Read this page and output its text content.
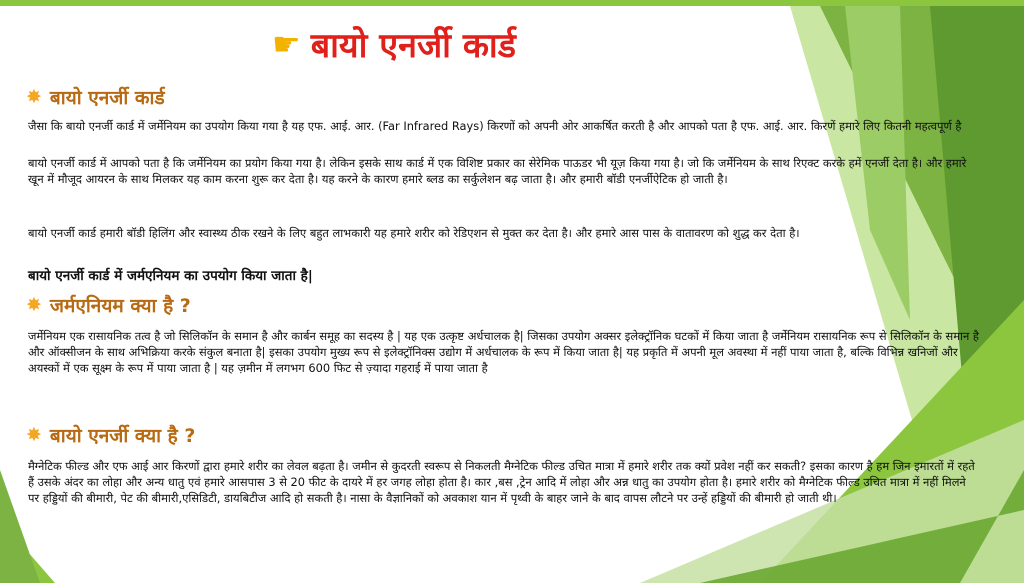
☛ बायो एनर्जी कार्ड
✸ बायो एनर्जी कार्ड

जैसा कि बायो एनर्जी कार्ड में जर्मेनियम का उपयोग किया गया है यह एफ. आई. आर. (Far Infrared Rays) किरणों को अपनी ओर आकर्षित करती है और आपको पता है एफ. आई. आर. किरणें हमारे लिए कितनी महत्वपूर्ण है

बायो एनर्जी कार्ड में आपको पता है कि जर्मेनियम का प्रयोग किया गया है। लेकिन इसके साथ कार्ड में एक विशिष्ट प्रकार का सेरेमिक पाऊडर भी यूज़ किया गया है। जो कि जर्मेनियम के साथ रिएक्ट करके हमें एनर्जी देता है। और हमारे खून में मौजूद आयरन के साथ मिलकर यह काम करना शुरू कर देता है। यह करने के कारण हमारे ब्लड का सर्कुलेशन बढ़ जाता है। और हमारी बॉडी एनर्जीऐटिक हो जाती है।

बायो एनर्जी कार्ड हमारी बॉडी हिलिंग और स्वास्थ्य ठीक रखने के लिए बहुत लाभकारी यह हमारे शरीर को रेडिएशन से मुक्त कर देता है। और हमारे आस पास के वातावरण को शुद्ध कर देता है।

बायो एनर्जी कार्ड में जर्मएनियम का उपयोग किया जाता है|

✸ जर्मएनियम क्या है ?

जर्मेनियम एक रासायनिक तत्व है जो सिलिकॉन के समान है और कार्बन समूह का सदस्य है | यह एक उत्कृष्ट अर्धचालक है| जिसका उपयोग अक्सर इलेक्ट्रॉनिक घटकों में किया जाता है जर्मेनियम रासायनिक रूप से सिलिकॉन के समान है और ऑक्सीजन के साथ अभिक्रिया करके संकुल बनाता है| इसका उपयोग मुख्य रूप से इलेक्ट्रॉनिक्स उद्योग में अर्धचालक के रूप में किया जाता है| यह प्रकृति में अपनी मूल अवस्था में नहीं पाया जाता है, बल्कि विभिन्न खनिजों और अयस्कों में एक सूक्ष्म के रूप में पाया जाता है | यह ज़मीन में लगभग 600 फिट से ज़्यादा गहराई में पाया जाता है

✸ बायो एनर्जी क्या है ?

मैग्नेटिक फील्ड और एफ आई आर किरणों द्वारा हमारे शरीर का लेवल बढ़ता है। जमीन से कुदरती स्वरूप से निकलती मैग्नेटिक फील्ड उचित मात्रा में हमारे शरीर तक क्यों प्रवेश नहीं कर सकती? इसका कारण है हम जिन इमारतों में रहते हैं उसके अंदर का लोहा और अन्य धातु एवं हमारे आसपास 3 से 20 फीट के दायरे में हर जगह लोहा होता है। कार ,बस ,ट्रेन आदि में लोहा और अन्न धातु का उपयोग होता है। हमारे शरीर को मैग्नेटिक फील्ड उचित मात्रा में नहीं मिलने पर हड्डियों की बीमारी, पेट की बीमारी,एसिडिटी, डायबिटीज आदि हो सकती है। नासा के वैज्ञानिकों को अवकाश यान में पृथ्वी के बाहर जाने के बाद वापस लौटने पर उन्हें हड्डियों की बीमारी हो जाती थी।
